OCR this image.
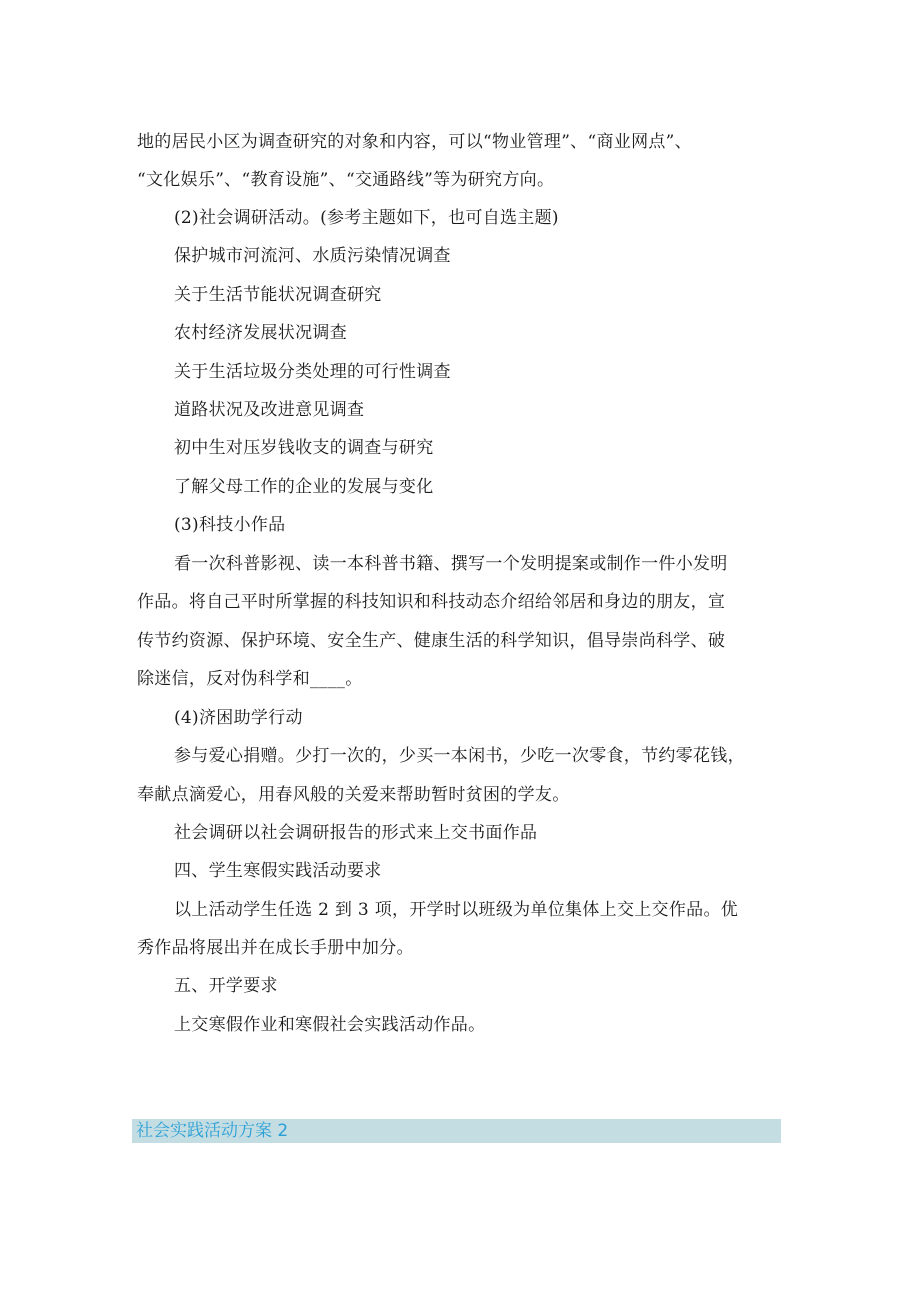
地的居民小区为调查研究的对象和内容，可以“物业管理”、“商业网点”、
“文化娱乐”、“教育设施”、“交通路线”等为研究方向。
(2)社会调研活动。(参考主题如下，也可自选主题)
保护城市河流河、水质污染情况调查
关于生活节能状况调查研究
农村经济发展状况调查
关于生活垃圾分类处理的可行性调查
道路状况及改进意见调查
初中生对压岁钱收支的调查与研究
了解父母工作的企业的发展与变化
(3)科技小作品
看一次科普影视、读一本科普书籍、撰写一个发明提案或制作一件小发明
作品。将自己平时所掌握的科技知识和科技动态介绍给邻居和身边的朋友，宣
传节约资源、保护环境、安全生产、健康生活的科学知识，倡导崇尚科学、破
除迷信，反对伪科学和____。
(4)济困助学行动
参与爱心捐赠。少打一次的，少买一本闲书，少吃一次零食，节约零花钱，
奉献点滴爱心，用春风般的关爱来帮助暂时贫困的学友。
社会调研以社会调研报告的形式来上交书面作品
四、学生寒假实践活动要求
以上活动学生任选 2 到 3 项，开学时以班级为单位集体上交上交作品。优
秀作品将展出并在成长手册中加分。
五、开学要求
上交寒假作业和寒假社会实践活动作品。
社会实践活动方案 2
